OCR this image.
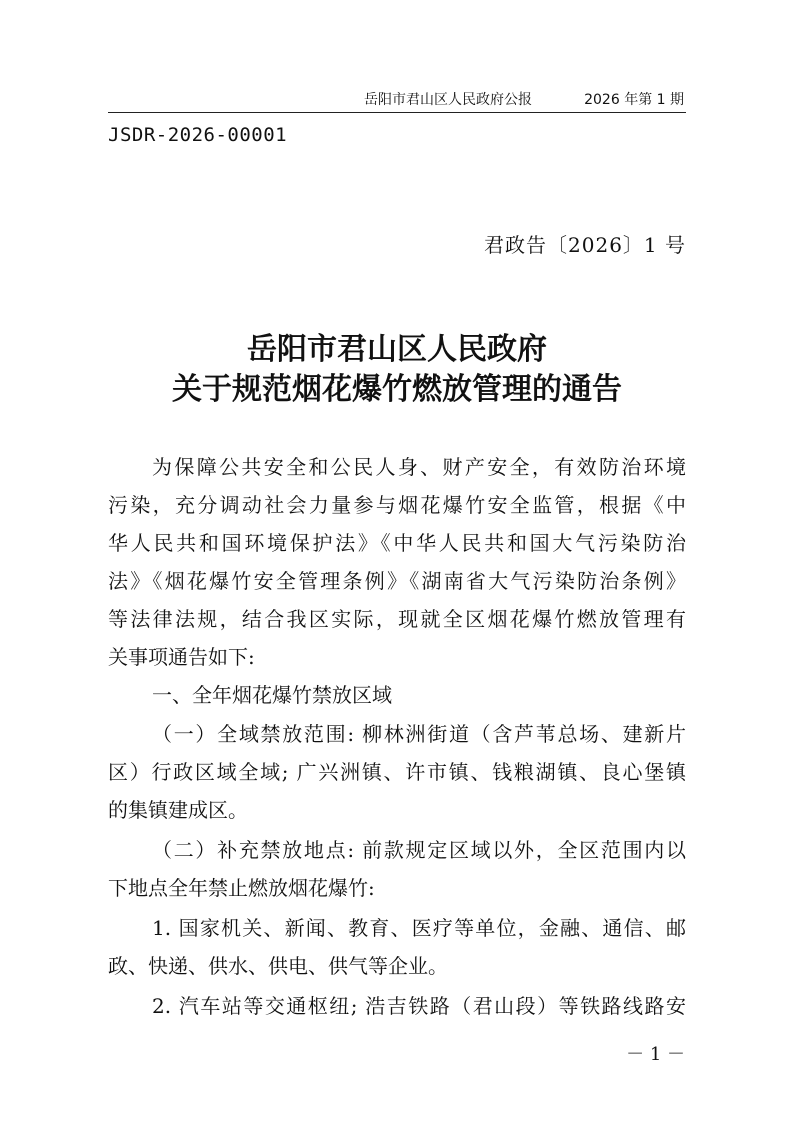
岳阳市君山区人民政府公报	2026 年第 1 期
JSDR-2026-00001
君政告〔2026〕1 号
岳阳市君山区人民政府
关于规范烟花爆竹燃放管理的通告
为保障公共安全和公民人身、财产安全，有效防治环境
污染，充分调动社会力量参与烟花爆竹安全监管，根据《中
华人民共和国环境保护法》《中华人民共和国大气污染防治
法》《烟花爆竹安全管理条例》《湖南省大气污染防治条例》
等法律法规，结合我区实际，现就全区烟花爆竹燃放管理有
关事项通告如下:
一、全年烟花爆竹禁放区域
（一）全域禁放范围: 柳林洲街道（含芦苇总场、建新片
区）行政区域全域; 广兴洲镇、许市镇、钱粮湖镇、良心堡镇
的集镇建成区。
（二）补充禁放地点: 前款规定区域以外，全区范围内以
下地点全年禁止燃放烟花爆竹:
1. 国家机关、新闻、教育、医疗等单位，金融、通信、邮
政、快递、供水、供电、供气等企业。
2. 汽车站等交通枢纽; 浩吉铁路（君山段）等铁路线路安
－ 1 －
